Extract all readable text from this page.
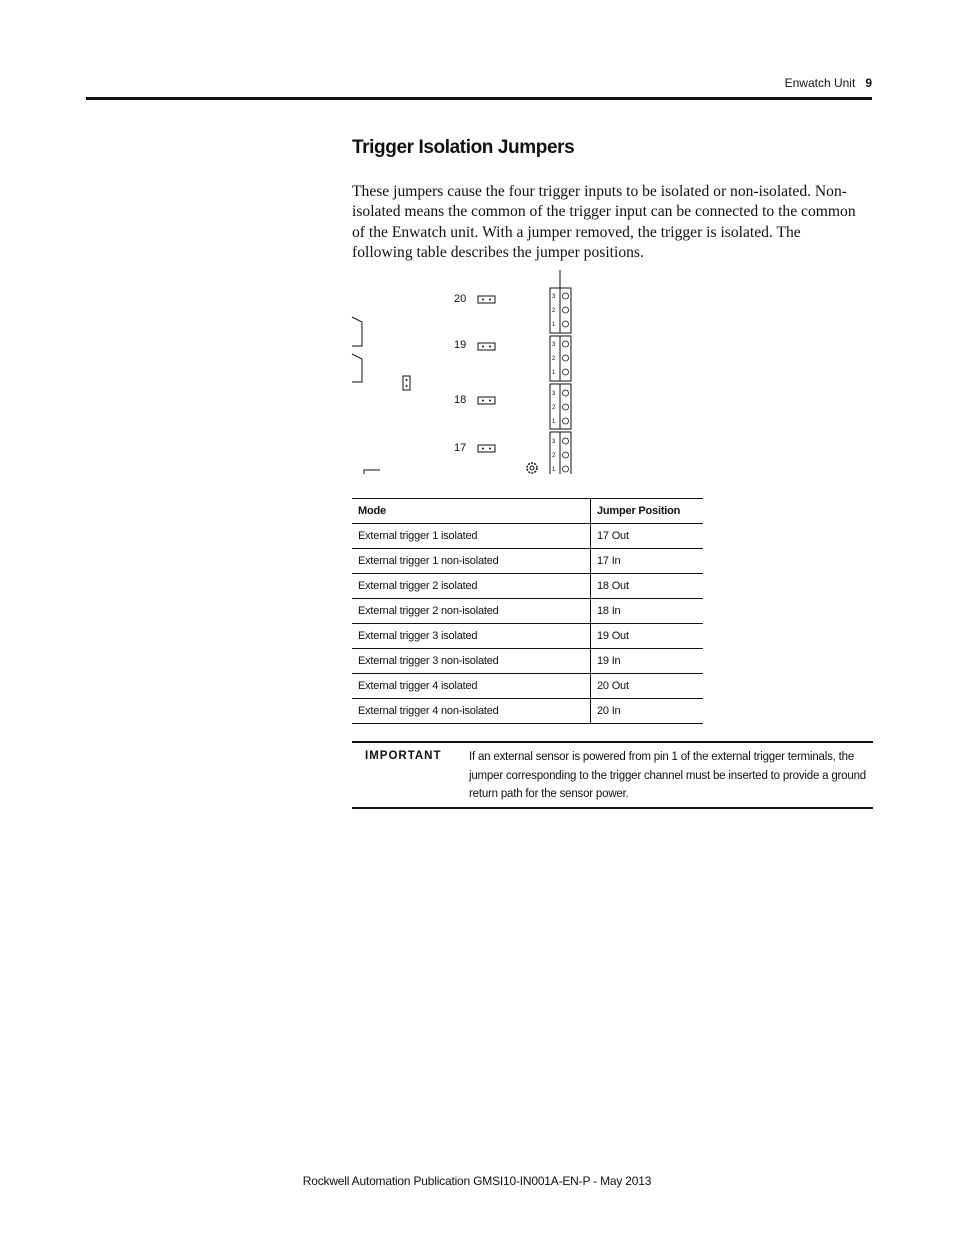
Enwatch Unit 9
Trigger Isolation Jumpers

These jumpers cause the four trigger inputs to be isolated or non-isolated. Non-isolated means the common of the trigger input can be connected to the common of the Enwatch unit. With a jumper removed, the trigger is isolated. The following table describes the jumper positions.

20
19
18
17
3
2
1
3
2
1
3
2
1
3
2
1
Mode	Jumper Position
External trigger 1 isolated	17 Out
External trigger 1 non-isolated	17 In
External trigger 2 isolated	18 Out
External trigger 2 non-isolated	18 In
External trigger 3 isolated	19 Out
External trigger 3 non-isolated	19 In
External trigger 4 isolated	20 Out
External trigger 4 non-isolated	20 In
IMPORTANT If an external sensor is powered from pin 1 of the external trigger terminals, the jumper corresponding to the trigger channel must be inserted to provide a ground return path for the sensor power.

Rockwell Automation Publication GMSI10-IN001A-EN-P - May 2013
